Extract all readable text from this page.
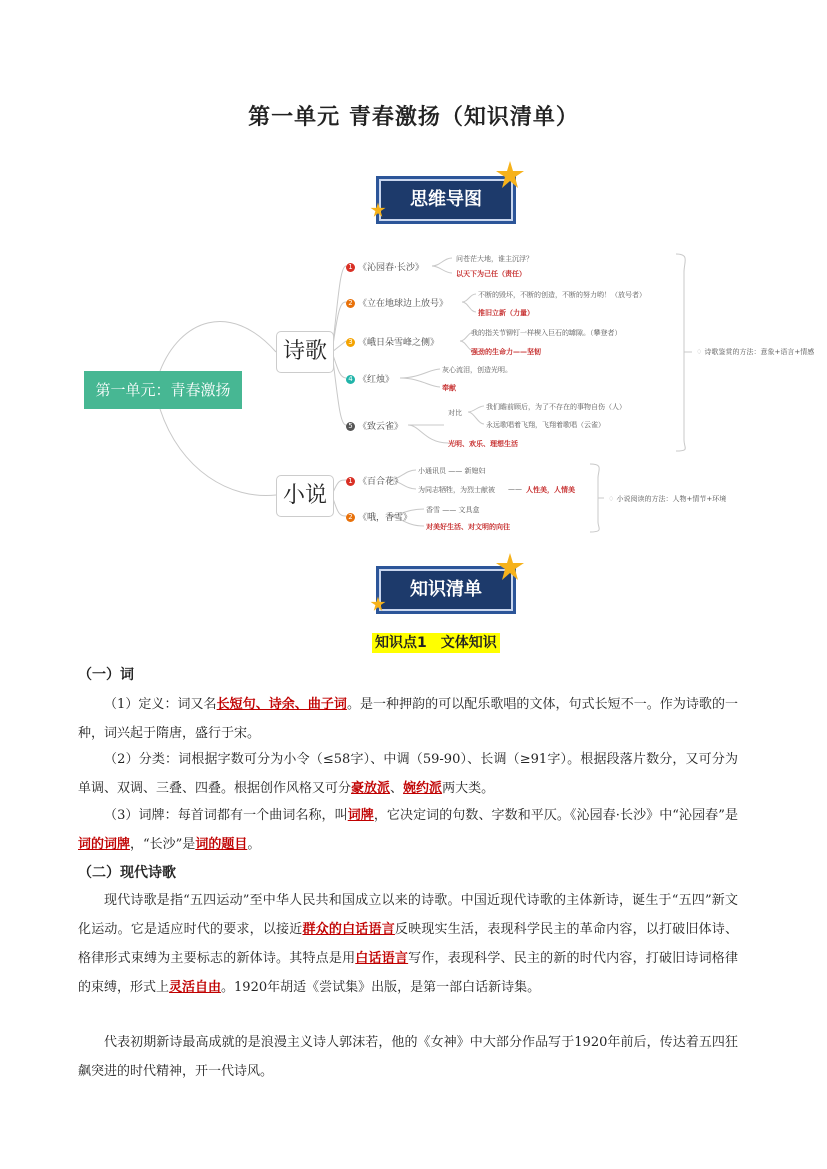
第一单元 青春激扬（知识清单）
思维导图
第一单元：青春激扬
诗歌
小说
1 《沁园春·长沙》
问苍茫大地，谁主沉浮？
以天下为己任（责任）
2 《立在地球边上放号》
不断的毁坏，不断的创造，不断的努力哟！（放号者）
推旧立新（力量）
3 《峨日朵雪峰之侧》
我的指关节铆钉一样楔入巨石的罅隙。（攀登者）
强劲的生命力——坚韧
4 《红烛》
灰心流泪，创造光明。
奉献
5 《致云雀》
对比
我们瞻前顾后，为了不存在的事物自伤（人）
永远歌唱着飞翔，飞翔着歌唱（云雀）
光明、欢乐、理想生活
♢ 诗歌鉴赏的方法：意象+语言+情感
1 《百合花》
小通讯员 —— 新媳妇
为同志牺牲，为烈士献被 —— 人性美，人情美
2 《哦，香雪》
香雪 —— 文具盒
对美好生活、对文明的向往
♢ 小说阅读的方法：人物+情节+环境
知识清单
知识点1　文体知识
（一）词
（1）定义：词又名长短句、诗余、曲子词。是一种押韵的可以配乐歌唱的文体，句式长短不一。作为诗歌的一种，词兴起于隋唐，盛行于宋。
（2）分类：词根据字数可分为小令（≤58字）、中调（59-90）、长调（≥91字）。根据段落片数分，又可分为单调、双调、三叠、四叠。根据创作风格又可分豪放派、婉约派两大类。
（3）词牌：每首词都有一个曲词名称，叫词牌，它决定词的句数、字数和平仄。《沁园春·长沙》中“沁园春”是词的词牌，“长沙”是词的题目。
（二）现代诗歌
现代诗歌是指“五四运动”至中华人民共和国成立以来的诗歌。中国近现代诗歌的主体新诗，诞生于“五四”新文化运动。它是适应时代的要求，以接近群众的白话语言反映现实生活，表现科学民主的革命内容，以打破旧体诗、格律形式束缚为主要标志的新体诗。其特点是用白话语言写作，表现科学、民主的新的时代内容，打破旧诗词格律的束缚，形式上灵活自由。1920年胡适《尝试集》出版，是第一部白话新诗集。
代表初期新诗最高成就的是浪漫主义诗人郭沫若，他的《女神》中大部分作品写于1920年前后，传达着五四狂飙突进的时代精神，开一代诗风。
